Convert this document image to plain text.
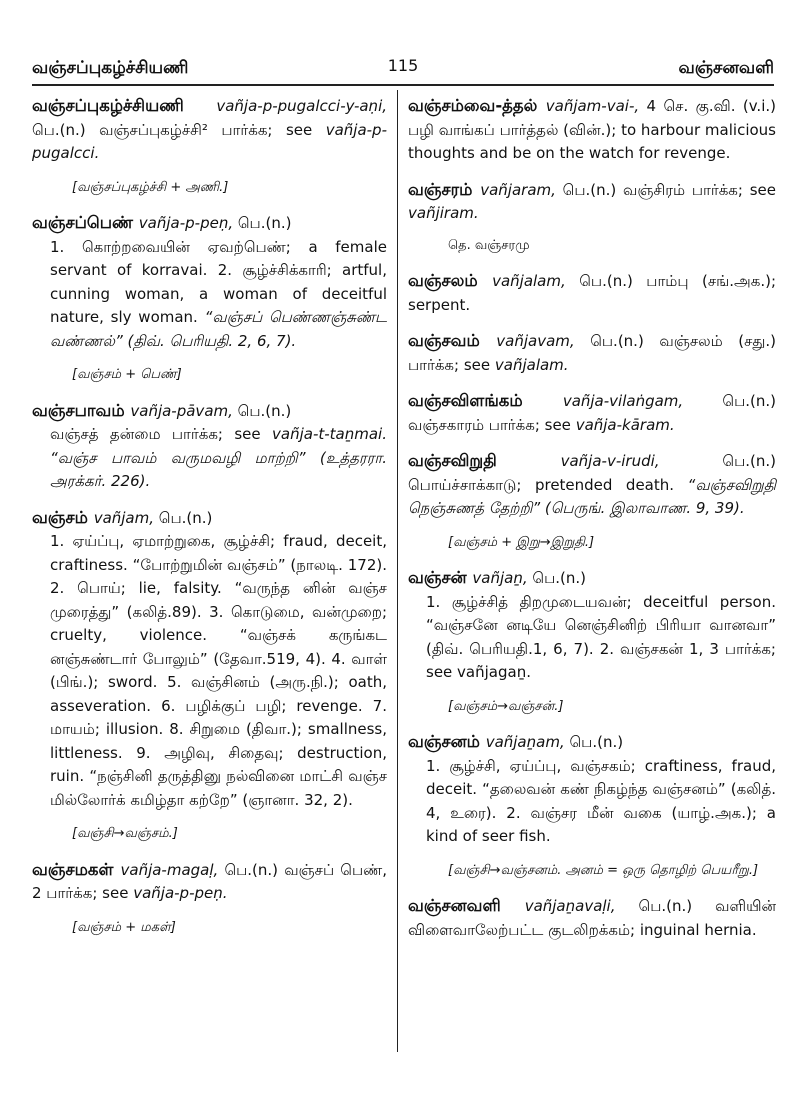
வஞ்சப்புகழ்ச்சியணி	115	வஞ்சனவளி
வஞ்சப்புகழ்ச்சியணி vañja-p-pugalcci-y-aṇi, பெ.(n.) வஞ்சப்புகழ்ச்சி² பார்க்க; see vañja-p-pugalcci.
[வஞ்சப்புகழ்ச்சி + அணி.]
வஞ்சப்பெண் vañja-p-peṇ, பெ.(n.)
1. கொற்றவையின் ஏவற்பெண்; a female servant of korravai. 2. சூழ்ச்சிக்காரி; artful, cunning woman, a woman of deceitful nature, sly woman. “வஞ்சப் பெண்ணஞ்சுண்ட வண்ணல்” (திவ். பெரியதி. 2, 6, 7).
[வஞ்சம் + பெண்]
வஞ்சபாவம் vañja-pāvam, பெ.(n.)
வஞ்சத் தன்மை பார்க்க; see vañja-t-taṉmai. “வஞ்ச பாவம் வருமவழி மாற்றி” (உத்தரரா. அரக்கர். 226).
வஞ்சம் vañjam, பெ.(n.)
1. ஏய்ப்பு, ஏமாற்றுகை, சூழ்ச்சி; fraud, deceit, craftiness. “போற்றுமின் வஞ்சம்” (நாலடி. 172). 2. பொய்; lie, falsity. “வருந்த னின் வஞ்ச முரைத்து” (கலித்.89). 3. கொடுமை, வன்முறை; cruelty, violence. “வஞ்சக் கருங்கட னஞ்சுண்டார் போலும்” (தேவா.519, 4). 4. வாள் (பிங்.); sword. 5. வஞ்சினம் (அரு.நி.); oath, asseveration. 6. பழிக்குப் பழி; revenge. 7. மாயம்; illusion. 8. சிறுமை (திவா.); smallness, littleness. 9. அழிவு, சிதைவு; destruction, ruin. “நஞ்சினி தருத்தினு நல்வினை மாட்சி வஞ்ச மில்லோர்க் கமிழ்தா கற்றே” (ஞானா. 32, 2).
[வஞ்சி→வஞ்சம்.]
வஞ்சமகள் vañja-magaḷ, பெ.(n.) வஞ்சப் பெண், 2 பார்க்க; see vañja-p-peṇ.
[வஞ்சம் + மகள்]
வஞ்சம்வை-த்தல் vañjam-vai-, 4 செ. கு.வி. (v.i.) பழி வாங்கப் பார்த்தல் (வின்.); to harbour malicious thoughts and be on the watch for revenge.
வஞ்சரம் vañjaram, பெ.(n.) வஞ்சிரம் பார்க்க; see vañjiram.
தெ. வஞ்சரமு
வஞ்சலம் vañjalam, பெ.(n.) பாம்பு (சங்.அக.); serpent.
வஞ்சவம் vañjavam, பெ.(n.) வஞ்சலம் (சது.) பார்க்க; see vañjalam.
வஞ்சவிளங்கம் vañja-vilaṅgam, பெ.(n.) வஞ்சகாரம் பார்க்க; see vañja-kāram.
வஞ்சவிறுதி vañja-v-irudi, பெ.(n.) பொய்ச்சாக்காடு; pretended death. “வஞ்சவிறுதி நெஞ்சுணத் தேற்றி” (பெருங். இலாவாண. 9, 39).
[வஞ்சம் + இறு→இறுதி.]
வஞ்சன் vañjaṉ, பெ.(n.)
1. சூழ்ச்சித் திறமுடையவன்; deceitful person. “வஞ்சனே னடியே னெஞ்சினிற் பிரியா வானவா” (திவ். பெரியதி.1, 6, 7). 2. வஞ்சகன் 1, 3 பார்க்க; see vañjagaṉ.
[வஞ்சம்→வஞ்சன்.]
வஞ்சனம் vañjaṉam, பெ.(n.)
1. சூழ்ச்சி, ஏய்ப்பு, வஞ்சகம்; craftiness, fraud, deceit. “தலைவன் கண் நிகழ்ந்த வஞ்சனம்” (கலித். 4, உரை). 2. வஞ்சர மீன் வகை (யாழ்.அக.); a kind of seer fish.
[வஞ்சி→வஞ்சனம். அனம் = ஒரு தொழிற் பெயரீறு.]
வஞ்சனவளி vañjaṉavaḷi, பெ.(n.) வளியின் விளைவாலேற்பட்ட குடலிறக்கம்; inguinal hernia.
